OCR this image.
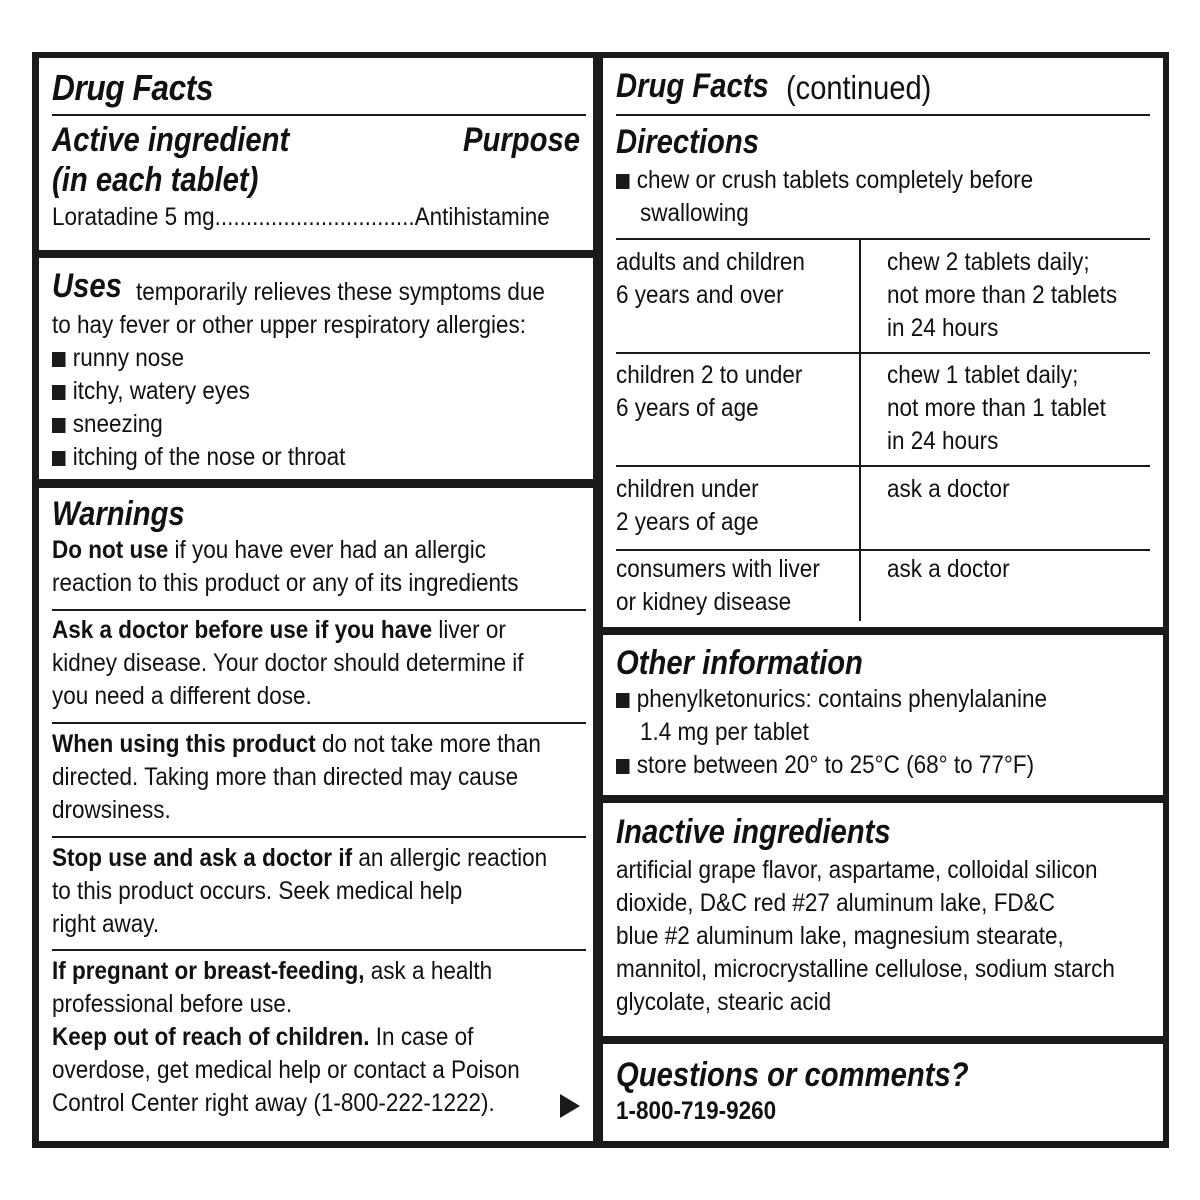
Drug Facts
Active ingredient
(in each tablet)
Purpose
Loratadine 5 mg................................Antihistamine
Uses temporarily relieves these symptoms due
to hay fever or other upper respiratory allergies:
runny nose
itchy, watery eyes
sneezing
itching of the nose or throat
Warnings
Do not use if you have ever had an allergic
reaction to this product or any of its ingredients
Ask a doctor before use if you have liver or
kidney disease. Your doctor should determine if
you need a different dose.
When using this product do not take more than
directed. Taking more than directed may cause
drowsiness.
Stop use and ask a doctor if an allergic reaction
to this product occurs. Seek medical help
right away.
If pregnant or breast-feeding, ask a health
professional before use.
Keep out of reach of children. In case of
overdose, get medical help or contact a Poison
Control Center right away (1-800-222-1222).
Drug Facts (continued)
Directions
chew or crush tablets completely before
swallowing
adults and children
6 years and over
chew 2 tablets daily;
not more than 2 tablets
in 24 hours
children 2 to under
6 years of age
chew 1 tablet daily;
not more than 1 tablet
in 24 hours
children under
2 years of age
ask a doctor
consumers with liver
or kidney disease
ask a doctor
Other information
phenylketonurics: contains phenylalanine
1.4 mg per tablet
store between 20° to 25°C (68° to 77°F)
Inactive ingredients
artificial grape flavor, aspartame, colloidal silicon
dioxide, D&C red #27 aluminum lake, FD&C
blue #2 aluminum lake, magnesium stearate,
mannitol, microcrystalline cellulose, sodium starch
glycolate, stearic acid
Questions or comments?
1-800-719-9260
